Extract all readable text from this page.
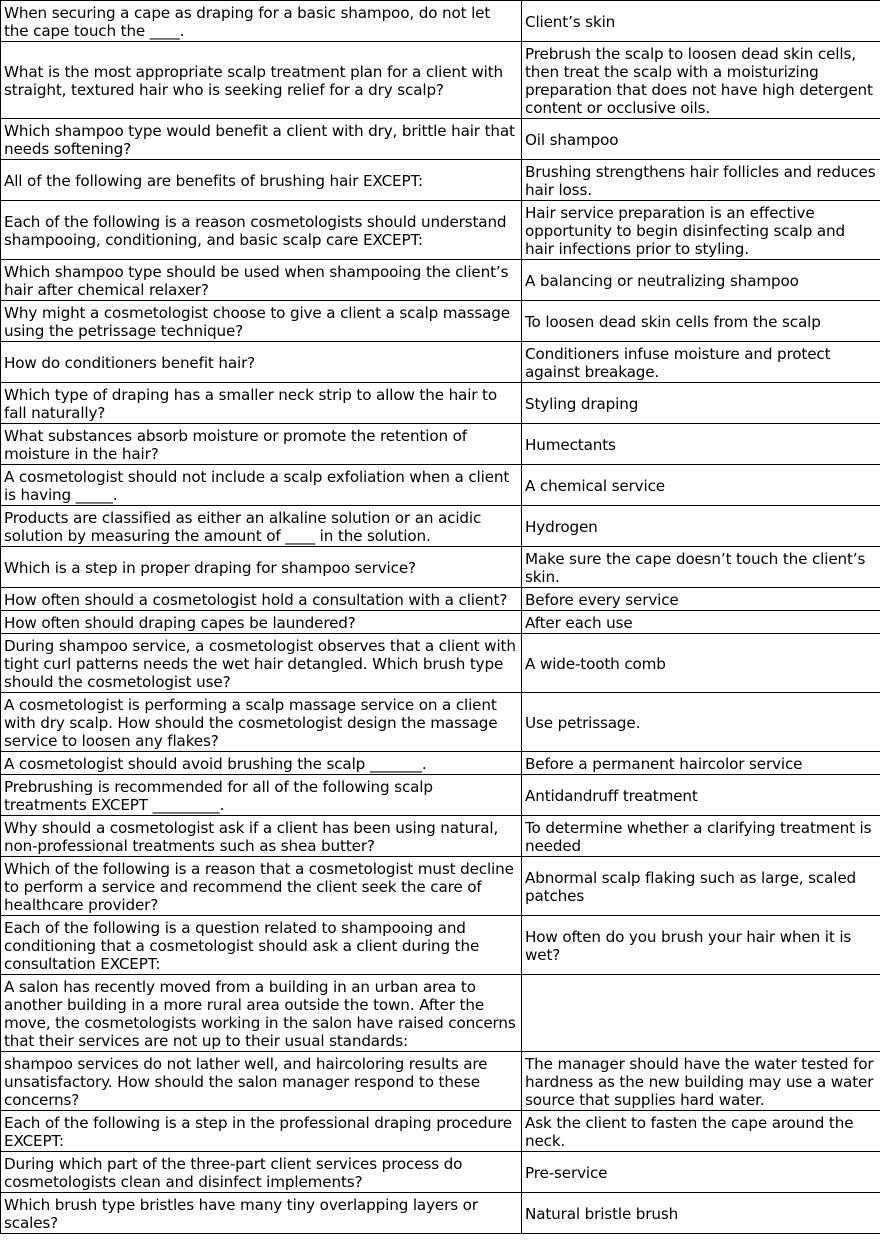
When securing a cape as draping for a basic shampoo, do not let the cape touch the ____.	Client’s skin
What is the most appropriate scalp treatment plan for a client with straight, textured hair who is seeking relief for a dry scalp?	Prebrush the scalp to loosen dead skin cells, then treat the scalp with a moisturizing preparation that does not have high detergent content or occlusive oils.
Which shampoo type would benefit a client with dry, brittle hair that needs softening?	Oil shampoo
All of the following are benefits of brushing hair EXCEPT:	Brushing strengthens hair follicles and reduces hair loss.
Each of the following is a reason cosmetologists should understand shampooing, conditioning, and basic scalp care EXCEPT:	Hair service preparation is an effective opportunity to begin disinfecting scalp and hair infections prior to styling.
Which shampoo type should be used when shampooing the client’s hair after chemical relaxer?	A balancing or neutralizing shampoo
Why might a cosmetologist choose to give a client a scalp massage using the petrissage technique?	To loosen dead skin cells from the scalp
How do conditioners benefit hair?	Conditioners infuse moisture and protect against breakage.
Which type of draping has a smaller neck strip to allow the hair to fall naturally?	Styling draping
What substances absorb moisture or promote the retention of moisture in the hair?	Humectants
A cosmetologist should not include a scalp exfoliation when a client is having _____.	A chemical service
Products are classified as either an alkaline solution or an acidic solution by measuring the amount of ____ in the solution.	Hydrogen
Which is a step in proper draping for shampoo service?	Make sure the cape doesn’t touch the client’s skin.
How often should a cosmetologist hold a consultation with a client?	Before every service
How often should draping capes be laundered?	After each use
During shampoo service, a cosmetologist observes that a client with tight curl patterns needs the wet hair detangled. Which brush type should the cosmetologist use?	A wide-tooth comb
A cosmetologist is performing a scalp massage service on a client with dry scalp. How should the cosmetologist design the massage service to loosen any flakes?	Use petrissage.
A cosmetologist should avoid brushing the scalp _______.	Before a permanent haircolor service
Prebrushing is recommended for all of the following scalp treatments EXCEPT _________.	Antidandruff treatment
Why should a cosmetologist ask if a client has been using natural, non-professional treatments such as shea butter?	To determine whether a clarifying treatment is needed
Which of the following is a reason that a cosmetologist must decline to perform a service and recommend the client seek the care of healthcare provider?	Abnormal scalp flaking such as large, scaled patches
Each of the following is a question related to shampooing and conditioning that a cosmetologist should ask a client during the consultation EXCEPT:	How often do you brush your hair when it is wet?
A salon has recently moved from a building in an urban area to another building in a more rural area outside the town. After the move, the cosmetologists working in the salon have raised concerns that their services are not up to their usual standards:	
shampoo services do not lather well, and haircoloring results are unsatisfactory. How should the salon manager respond to these concerns?	The manager should have the water tested for hardness as the new building may use a water source that supplies hard water.
Each of the following is a step in the professional draping procedure EXCEPT:	Ask the client to fasten the cape around the neck.
During which part of the three-part client services process do cosmetologists clean and disinfect implements?	Pre-service
Which brush type bristles have many tiny overlapping layers or scales?	Natural bristle brush
